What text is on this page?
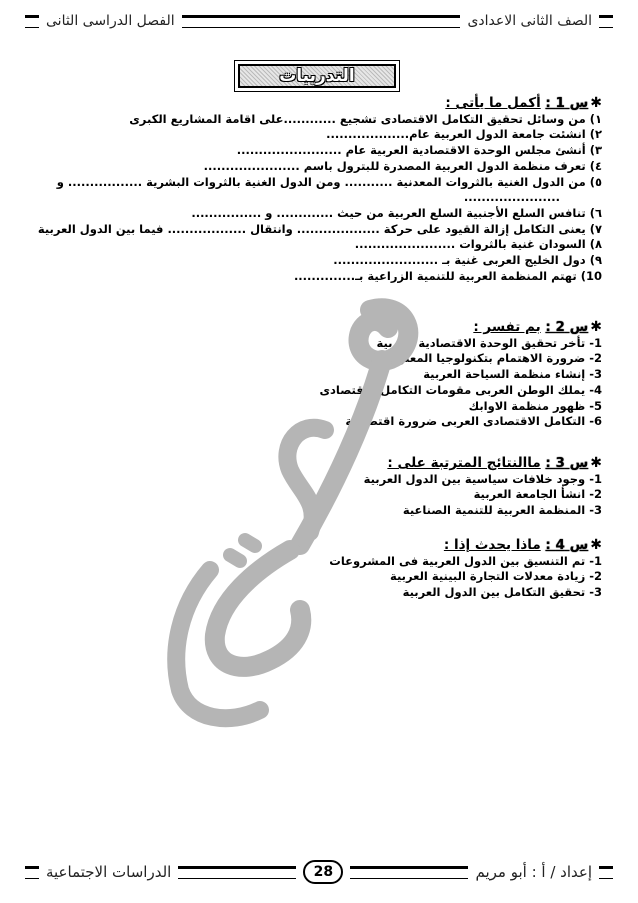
الصف الثانى الاعدادى
الفصل الدراسى الثانى
التدريبات

✱س 1 : أكمل ما يأتى :

١) من وسائل تحقيق التكامل الاقتصادى تشجيع ............على اقامة المشاريع الكبرى
٢) انشئت جامعة الدول العربية عام...................
٣) أنشئ مجلس الوحدة الاقتصادية العربية عام ........................
٤) تعرف منظمة الدول العربية المصدرة للبترول باسم ......................
٥) من الدول الغنية بالثروات المعدنية ........... ومن الدول الغنية بالثروات البشرية ................. و
......................
٦) تنافس السلع الأجنبية السلع العربية من حيث ............. و ................
٧) يعنى التكامل إزالة القيود على حركة ................... وانتقال .................. فيما بين الدول العربية
٨) السودان غنية بالثروات .......................
٩) دول الخليج العربى غنية بـ ........................
10) تهتم المنظمة العربية للتنمية الزراعية بـ..............

✱س 2 : بم تفسر :

1- تأخر تحقيق الوحدة الاقتصادية العربية
2- ضرورة الاهتمام بتكنولوجيا المعلومات
3- إنشاء منظمة السياحة العربية
4- يملك الوطن العربى مقومات التكامل الاقتصادى
5- ظهور منظمة الاوابك
6- التكامل الاقتصادى العربى ضرورة اقتصادية

✱س 3 : ماالنتائج المترتبة على :

1- وجود خلافات سياسية بين الدول العربية
2- انشأ الجامعة العربية
3- المنظمة العربية للتنمية الصناعية

✱س 4 : ماذا يحدث إذا :

1- تم التنسيق بين الدول العربية فى المشروعات
2- زيادة معدلات التجارة البينية العربية
3- تحقيق التكامل بين الدول العربية
إعداد / أ : أبو مريم
28
الدراسات الاجتماعية
